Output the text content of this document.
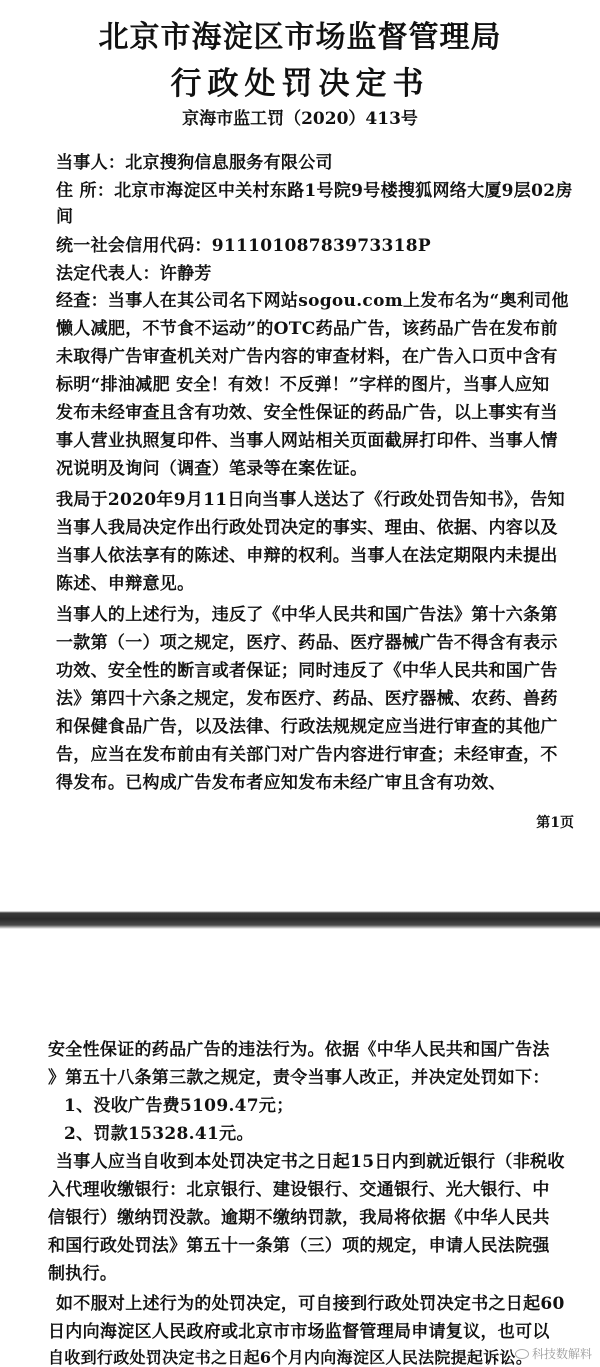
北京市海淀区市场监督管理局
行政处罚决定书
京海市监工罚（2020）413号
当事人：北京搜狗信息服务有限公司
住 所：北京市海淀区中关村东路1号院9号楼搜狐网络大厦9层02房
间
统一社会信用代码：91110108783973318P
法定代表人：许静芳
经查：当事人在其公司名下网站sogou.com上发布名为“奥利司他
懒人减肥，不节食不运动”的OTC药品广告，该药品广告在发布前
未取得广告审查机关对广告内容的审查材料，在广告入口页中含有
标明“排油减肥 安全！有效！不反弹！”字样的图片，当事人应知
发布未经审查且含有功效、安全性保证的药品广告，以上事实有当
事人营业执照复印件、当事人网站相关页面截屏打印件、当事人情
况说明及询问（调查）笔录等在案佐证。
我局于2020年9月11日向当事人送达了《行政处罚告知书》，告知
当事人我局决定作出行政处罚决定的事实、理由、依据、内容以及
当事人依法享有的陈述、申辩的权利。当事人在法定期限内未提出
陈述、申辩意见。
当事人的上述行为，违反了《中华人民共和国广告法》第十六条第
一款第（一）项之规定，医疗、药品、医疗器械广告不得含有表示
功效、安全性的断言或者保证；同时违反了《中华人民共和国广告
法》第四十六条之规定，发布医疗、药品、医疗器械、农药、兽药
和保健食品广告，以及法律、行政法规规定应当进行审查的其他广
告，应当在发布前由有关部门对广告内容进行审查；未经审查，不
得发布。已构成广告发布者应知发布未经广审且含有功效、
第1页
安全性保证的药品广告的违法行为。依据《中华人民共和国广告法
》第五十八条第三款之规定，责令当事人改正，并决定处罚如下：
1、没收广告费5109.47元；
2、罚款15328.41元。
当事人应当自收到本处罚决定书之日起15日内到就近银行（非税收
入代理收缴银行：北京银行、建设银行、交通银行、光大银行、中
信银行）缴纳罚没款。逾期不缴纳罚款，我局将依据《中华人民共
和国行政处罚法》第五十一条第（三）项的规定，申请人民法院强
制执行。
如不服对上述行为的处罚决定，可自接到行政处罚决定书之日起60
日内向海淀区人民政府或北京市市场监督管理局申请复议，也可以
自收到行政处罚决定书之日起6个月内向海淀区人民法院提起诉讼。 科技数解料
